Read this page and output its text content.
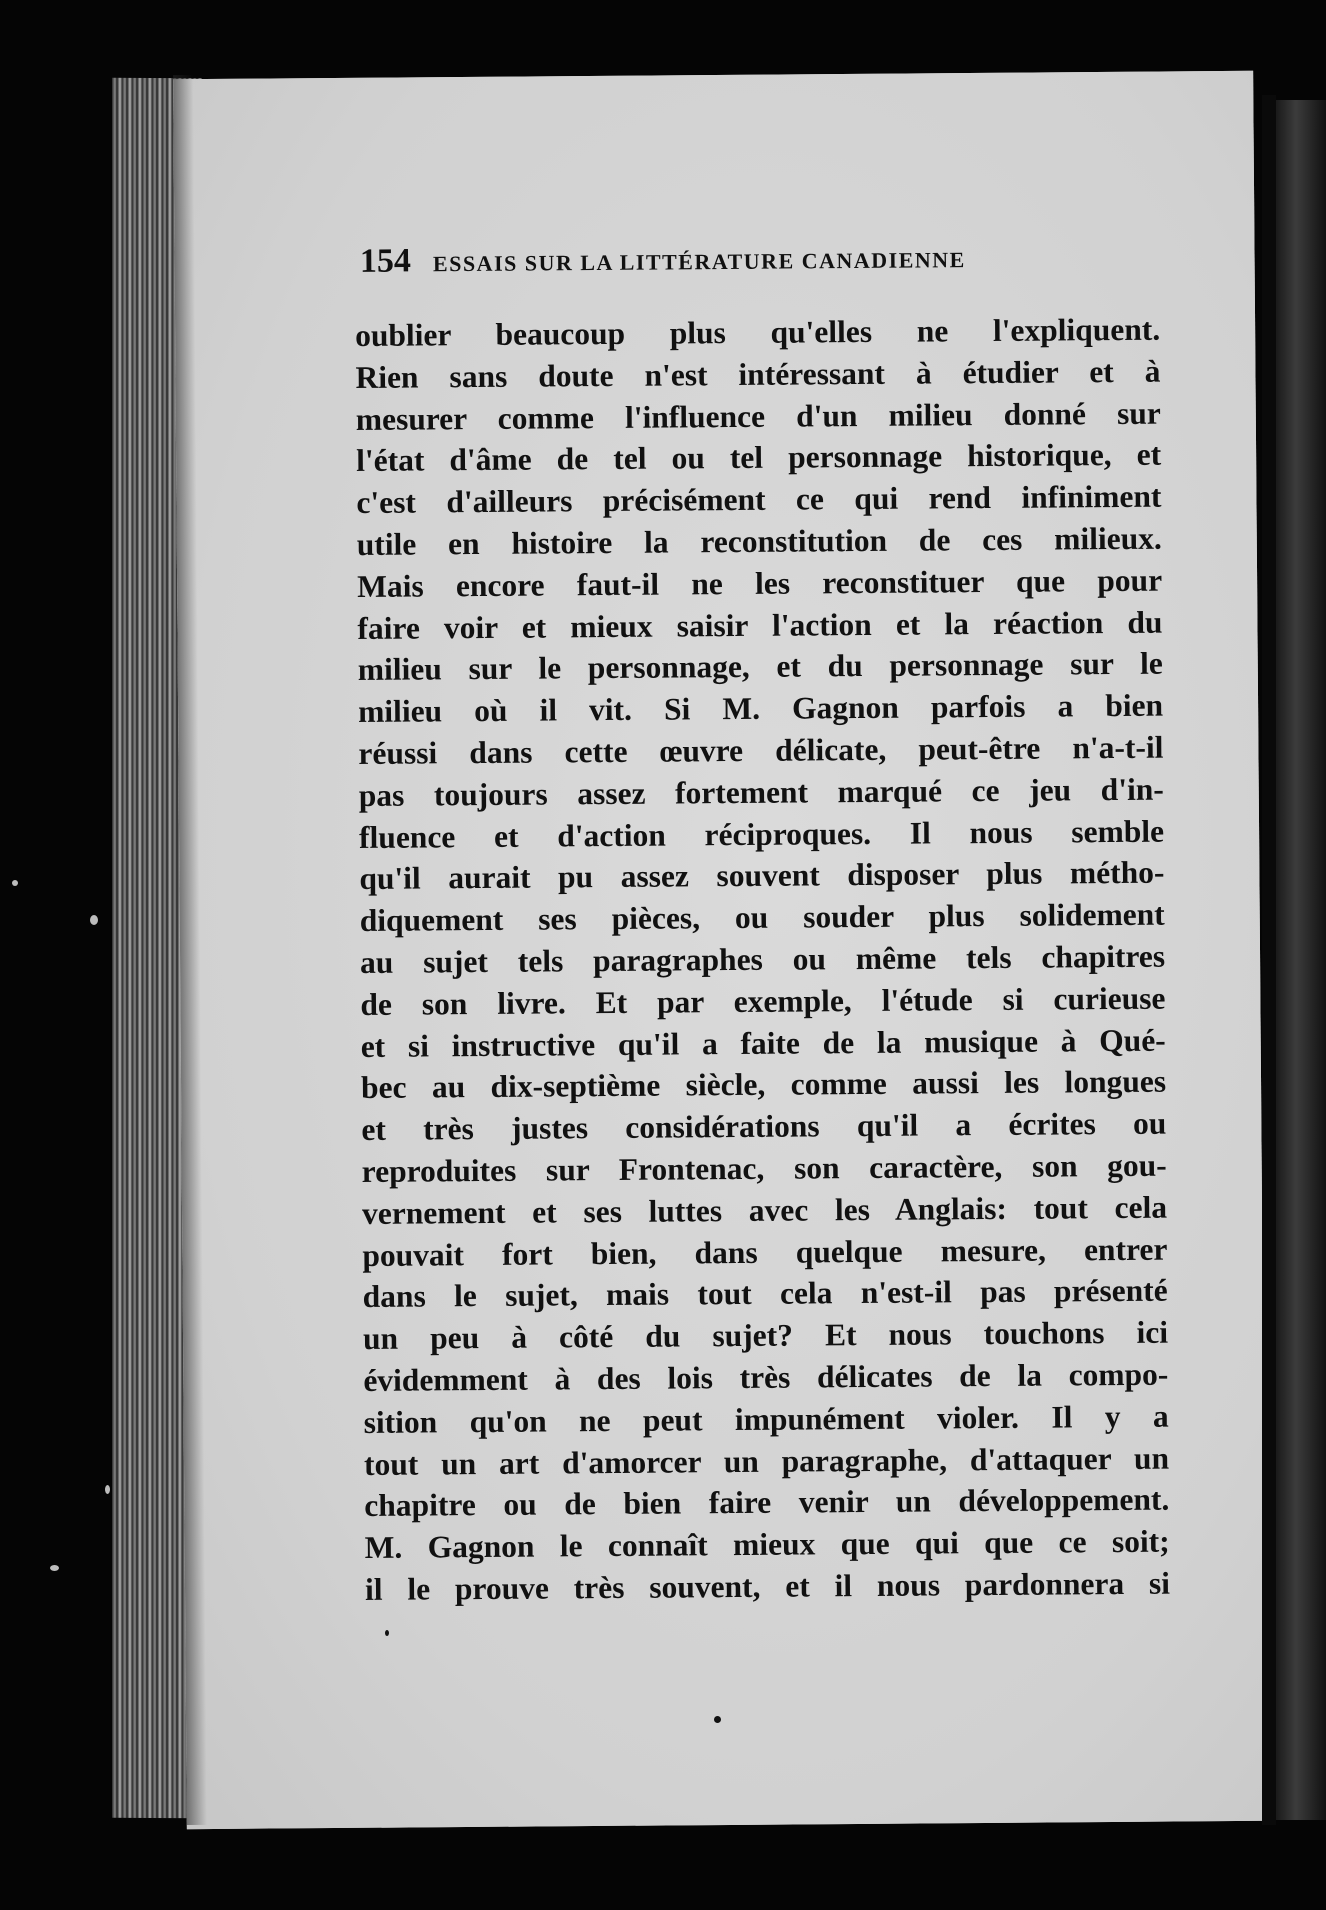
154 ESSAIS SUR LA LITTÉRATURE CANADIENNE
oublier beaucoup plus qu'elles ne l'expliquent.
Rien sans doute n'est intéressant à étudier et à
mesurer comme l'influence d'un milieu donné sur
l'état d'âme de tel ou tel personnage historique, et
c'est d'ailleurs précisément ce qui rend infiniment
utile en histoire la reconstitution de ces milieux.
Mais encore faut-il ne les reconstituer que pour
faire voir et mieux saisir l'action et la réaction du
milieu sur le personnage, et du personnage sur le
milieu où il vit. Si M. Gagnon parfois a bien
réussi dans cette œuvre délicate, peut-être n'a-t-il
pas toujours assez fortement marqué ce jeu d'in-
fluence et d'action réciproques. Il nous semble
qu'il aurait pu assez souvent disposer plus métho-
diquement ses pièces, ou souder plus solidement
au sujet tels paragraphes ou même tels chapitres
de son livre. Et par exemple, l'étude si curieuse
et si instructive qu'il a faite de la musique à Qué-
bec au dix-septième siècle, comme aussi les longues
et très justes considérations qu'il a écrites ou
reproduites sur Frontenac, son caractère, son gou-
vernement et ses luttes avec les Anglais: tout cela
pouvait fort bien, dans quelque mesure, entrer
dans le sujet, mais tout cela n'est-il pas présenté
un peu à côté du sujet? Et nous touchons ici
évidemment à des lois très délicates de la compo-
sition qu'on ne peut impunément violer. Il y a
tout un art d'amorcer un paragraphe, d'attaquer un
chapitre ou de bien faire venir un développement.
M. Gagnon le connaît mieux que qui que ce soit;
il le prouve très souvent, et il nous pardonnera si
